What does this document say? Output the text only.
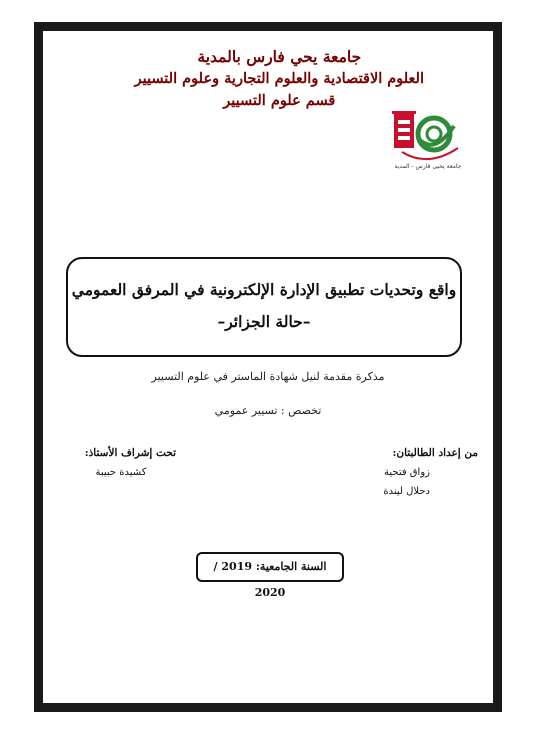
جامعة يحي فارس بالمدية
العلوم الاقتصادية والعلوم التجارية وعلوم التسيير
قسم علوم التسيير
جامعة يحيى فارس - المدية
واقع وتحديات تطبيق الإدارة الإلكترونية في المرفق العمومي
–حالة الجزائر–
مذكرة مقدمة لنيل شهادة الماستر في علوم التسيير
تخصص : تسيير عمومي
من إعداد الطالبتان:
زواق فتحية
دحلال ليندة
تحت إشراف الأستاذ:
كشيدة حبيبة
السنة الجامعية: 2019 / 2020
